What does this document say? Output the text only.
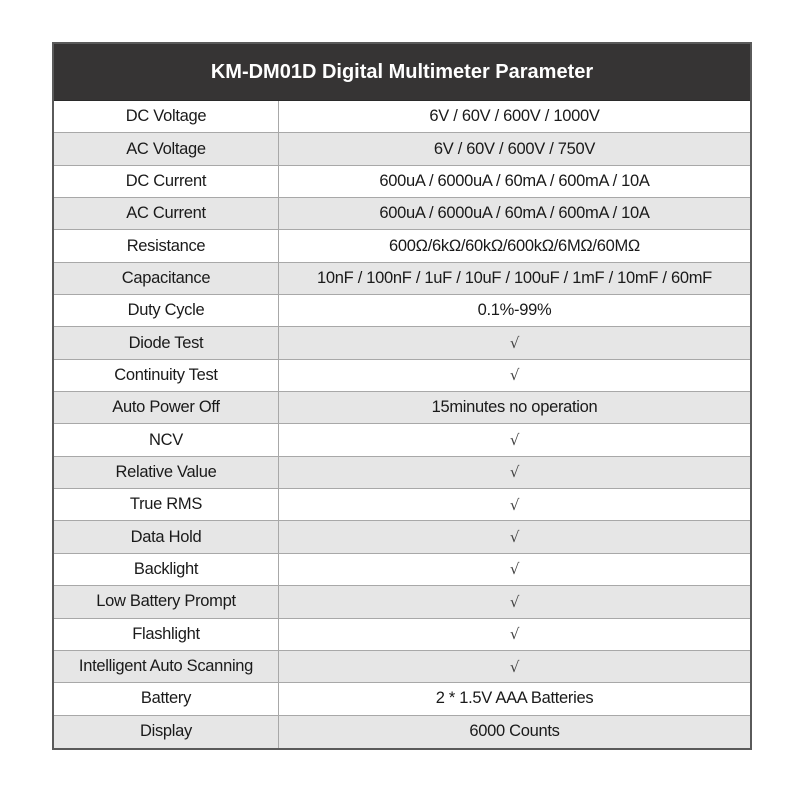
KM-DM01D Digital Multimeter Parameter
DC Voltage	6V / 60V / 600V / 1000V
AC Voltage	6V / 60V / 600V / 750V
DC Current	600uA / 6000uA / 60mA / 600mA / 10A
AC Current	600uA / 6000uA / 60mA / 600mA / 10A
Resistance	600Ω/6kΩ/60kΩ/600kΩ/6MΩ/60MΩ
Capacitance	10nF / 100nF / 1uF / 10uF / 100uF / 1mF / 10mF / 60mF
Duty Cycle	0.1%-99%
Diode Test	√
Continuity Test	√
Auto Power Off	15minutes no operation
NCV	√
Relative Value	√
True RMS	√
Data Hold	√
Backlight	√
Low Battery Prompt	√
Flashlight	√
Intelligent Auto Scanning	√
Battery	2 * 1.5V AAA Batteries
Display	6000 Counts
